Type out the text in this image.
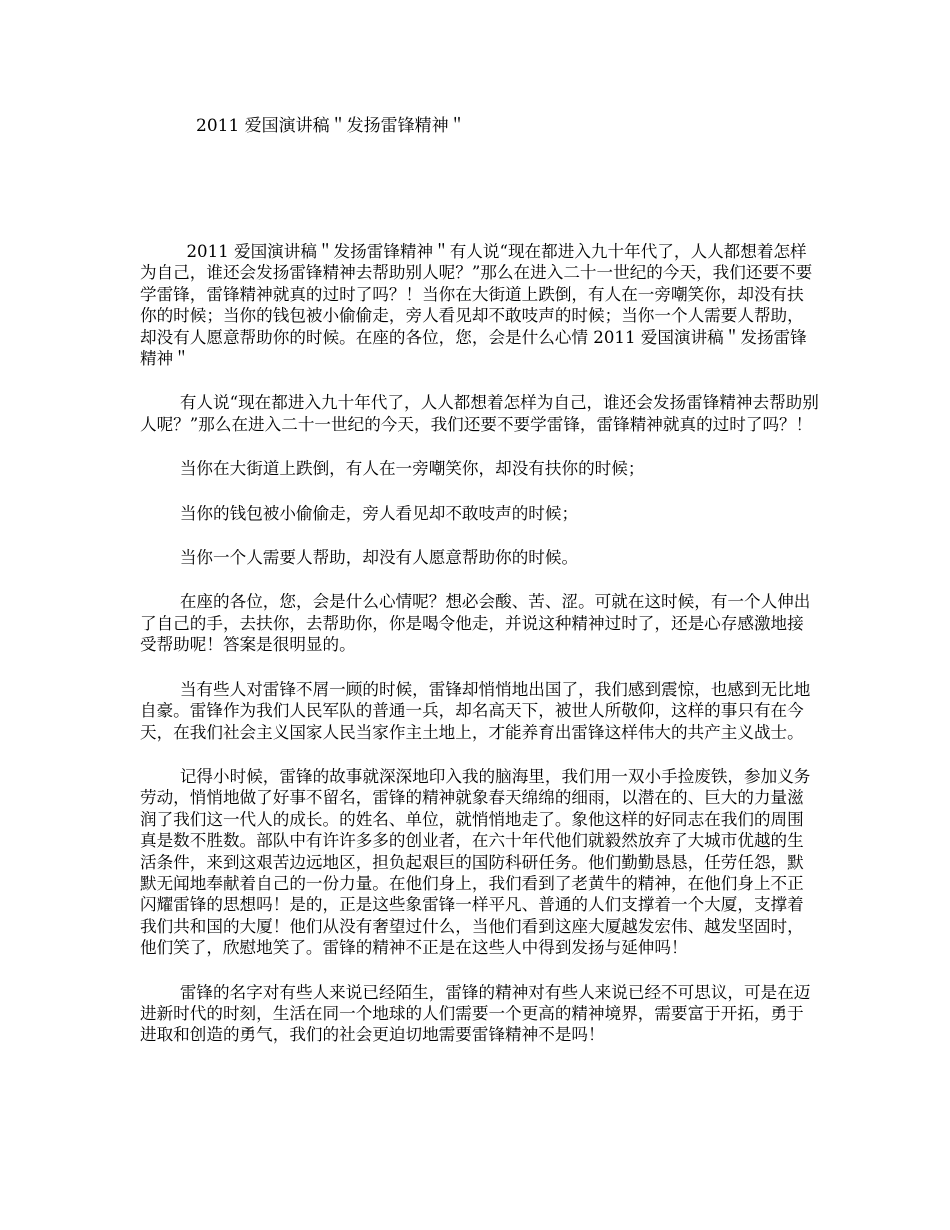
2011 爱国演讲稿＂发扬雷锋精神＂

2011 爱国演讲稿＂发扬雷锋精神＂有人说“现在都进入九十年代了，人人都想着怎样为自己，谁还会发扬雷锋精神去帮助别人呢？”那么在进入二十一世纪的今天，我们还要不要学雷锋，雷锋精神就真的过时了吗？！当你在大街道上跌倒，有人在一旁嘲笑你，却没有扶你的时候；当你的钱包被小偷偷走，旁人看见却不敢吱声的时候；当你一个人需要人帮助，却没有人愿意帮助你的时候。在座的各位，您，会是什么心情 2011 爱国演讲稿＂发扬雷锋精神＂

有人说“现在都进入九十年代了，人人都想着怎样为自己，谁还会发扬雷锋精神去帮助别人呢？”那么在进入二十一世纪的今天，我们还要不要学雷锋，雷锋精神就真的过时了吗？！

当你在大街道上跌倒，有人在一旁嘲笑你，却没有扶你的时候；

当你的钱包被小偷偷走，旁人看见却不敢吱声的时候；

当你一个人需要人帮助，却没有人愿意帮助你的时候。

在座的各位，您，会是什么心情呢？想必会酸、苦、涩。可就在这时候，有一个人伸出了自己的手，去扶你，去帮助你，你是喝令他走，并说这种精神过时了，还是心存感激地接受帮助呢！答案是很明显的。

当有些人对雷锋不屑一顾的时候，雷锋却悄悄地出国了，我们感到震惊，也感到无比地自豪。雷锋作为我们人民军队的普通一兵，却名高天下，被世人所敬仰，这样的事只有在今天，在我们社会主义国家人民当家作主土地上，才能养育出雷锋这样伟大的共产主义战士。

记得小时候，雷锋的故事就深深地印入我的脑海里，我们用一双小手捡废铁，参加义务劳动，悄悄地做了好事不留名，雷锋的精神就象春天绵绵的细雨，以潜在的、巨大的力量滋润了我们这一代人的成长。的姓名、单位，就悄悄地走了。象他这样的好同志在我们的周围真是数不胜数。部队中有许许多多的创业者，在六十年代他们就毅然放弃了大城市优越的生活条件，来到这艰苦边远地区，担负起艰巨的国防科研任务。他们勤勤恳恳，任劳任怨，默默无闻地奉献着自己的一份力量。在他们身上，我们看到了老黄牛的精神，在他们身上不正闪耀雷锋的思想吗！是的，正是这些象雷锋一样平凡、普通的人们支撑着一个大厦，支撑着我们共和国的大厦！他们从没有奢望过什么，当他们看到这座大厦越发宏伟、越发坚固时，他们笑了，欣慰地笑了。雷锋的精神不正是在这些人中得到发扬与延伸吗！

雷锋的名字对有些人来说已经陌生，雷锋的精神对有些人来说已经不可思议，可是在迈进新时代的时刻，生活在同一个地球的人们需要一个更高的精神境界，需要富于开拓，勇于进取和创造的勇气，我们的社会更迫切地需要雷锋精神不是吗！
